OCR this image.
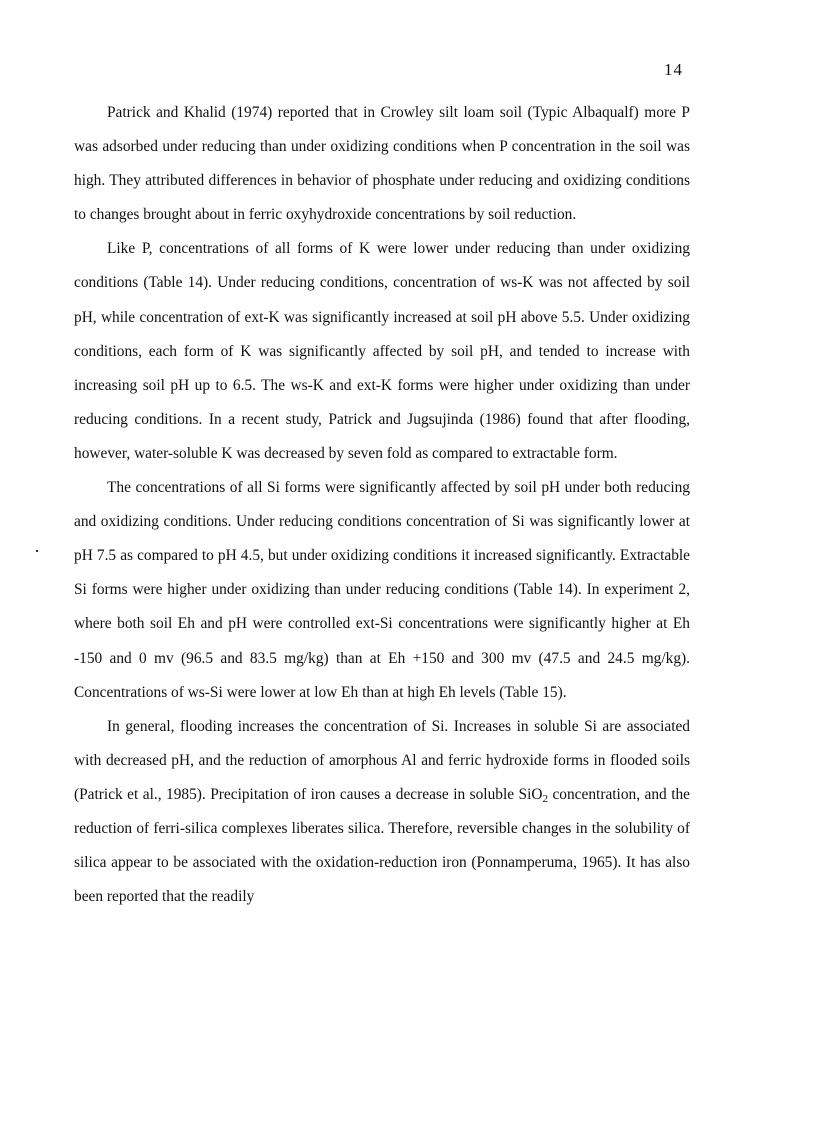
14

Patrick and Khalid (1974) reported that in Crowley silt loam soil (Typic Albaqualf) more P was adsorbed under reducing than under oxidizing conditions when P concentration in the soil was high. They attributed differences in behavior of phosphate under reducing and oxidizing conditions to changes brought about in ferric oxyhydroxide concentrations by soil reduction.

Like P, concentrations of all forms of K were lower under reducing than under oxidizing conditions (Table 14). Under reducing conditions, concentration of ws-K was not affected by soil pH, while concentration of ext-K was significantly increased at soil pH above 5.5. Under oxidizing conditions, each form of K was significantly affected by soil pH, and tended to increase with increasing soil pH up to 6.5. The ws-K and ext-K forms were higher under oxidizing than under reducing conditions. In a recent study, Patrick and Jugsujinda (1986) found that after flooding, however, water-soluble K was decreased by seven fold as compared to extractable form.

The concentrations of all Si forms were significantly affected by soil pH under both reducing and oxidizing conditions. Under reducing conditions concentration of Si was significantly lower at pH 7.5 as compared to pH 4.5, but under oxidizing conditions it increased significantly. Extractable Si forms were higher under oxidizing than under reducing conditions (Table 14). In experiment 2, where both soil Eh and pH were controlled ext-Si concentrations were significantly higher at Eh -150 and 0 mv (96.5 and 83.5 mg/kg) than at Eh +150 and 300 mv (47.5 and 24.5 mg/kg). Concentrations of ws-Si were lower at low Eh than at high Eh levels (Table 15).

In general, flooding increases the concentration of Si. Increases in soluble Si are associated with decreased pH, and the reduction of amorphous Al and ferric hydroxide forms in flooded soils (Patrick et al., 1985). Precipitation of iron causes a decrease in soluble SiO$_2$ concentration, and the reduction of ferri-silica complexes liberates silica. Therefore, reversible changes in the solubility of silica appear to be associated with the oxidation-reduction iron (Ponnamperuma, 1965). It has also been reported that the readily
